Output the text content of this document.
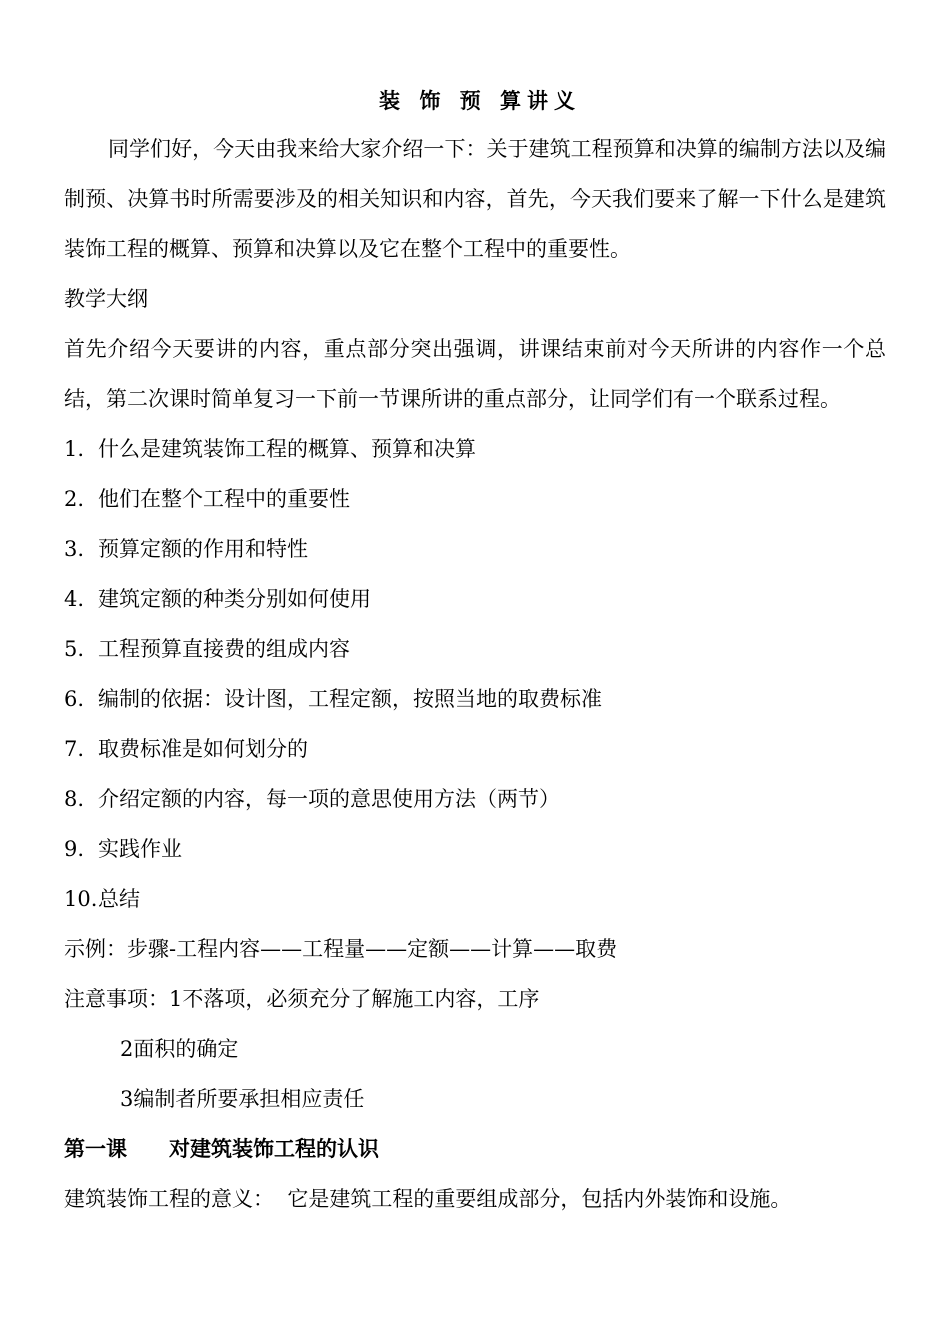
装 饰 预 算讲义

同学们好，今天由我来给大家介绍一下：关于建筑工程预算和决算的编制方法以及编制预、决算书时所需要涉及的相关知识和内容，首先，今天我们要来了解一下什么是建筑装饰工程的概算、预算和决算以及它在整个工程中的重要性。

教学大纲

首先介绍今天要讲的内容，重点部分突出强调，讲课结束前对今天所讲的内容作一个总结，第二次课时简单复习一下前一节课所讲的重点部分，让同学们有一个联系过程。

1. 什么是建筑装饰工程的概算、预算和决算

2. 他们在整个工程中的重要性

3. 预算定额的作用和特性

4. 建筑定额的种类分别如何使用

5. 工程预算直接费的组成内容

6. 编制的依据：设计图，工程定额，按照当地的取费标准

7. 取费标准是如何划分的

8. 介绍定额的内容，每一项的意思使用方法（两节）

9. 实践作业

10.总结

示例：步骤-工程内容——工程量——定额——计算——取费

注意事项：1不落项，必须充分了解施工内容，工序

2面积的确定

3编制者所要承担相应责任

第一课 对建筑装饰工程的认识

建筑装饰工程的意义： 它是建筑工程的重要组成部分，包括内外装饰和设施。
